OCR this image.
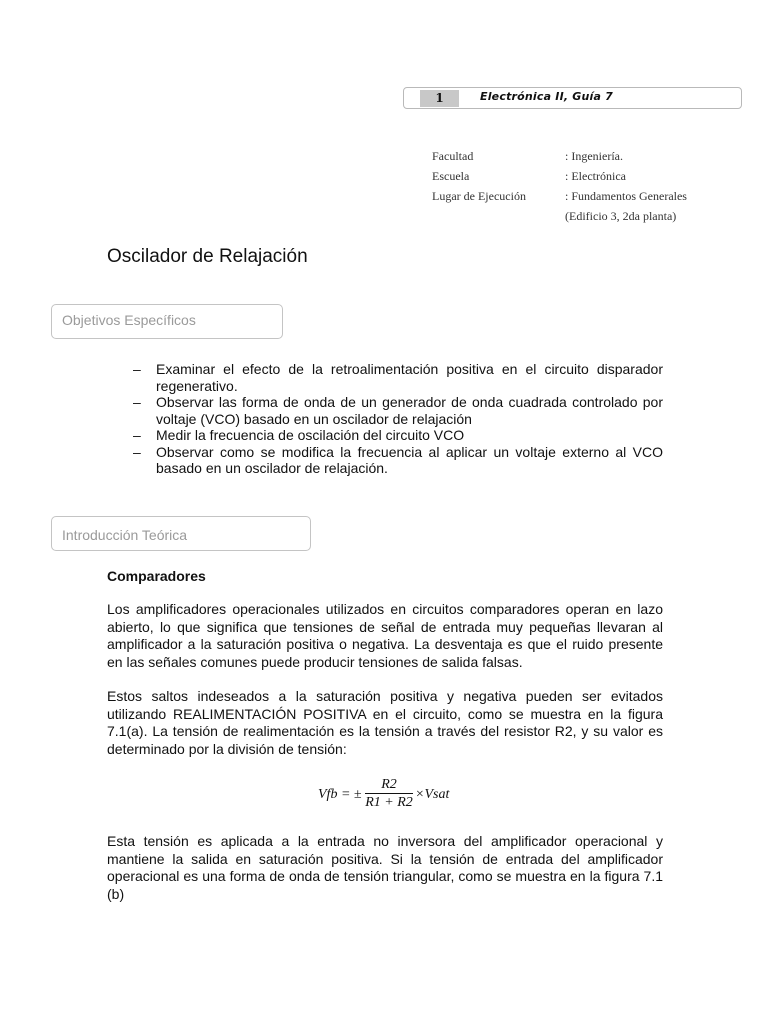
1	Electrónica II, Guía 7
Facultad	: Ingeniería.
Escuela	: Electrónica
Lugar de Ejecución	: Fundamentos Generales
(Edificio 3, 2da planta)
Oscilador de Relajación
Objetivos Específicos
– Examinar el efecto de la retroalimentación positiva en el circuito disparador regenerativo.
– Observar las forma de onda de un generador de onda cuadrada controlado por voltaje (VCO) basado en un oscilador de relajación
– Medir la frecuencia de oscilación del circuito VCO
– Observar como se modifica la frecuencia al aplicar un voltaje externo al VCO basado en un oscilador de relajación.
Introducción Teórica
Comparadores
Los amplificadores operacionales utilizados en circuitos comparadores operan en lazo abierto, lo que significa que tensiones de señal de entrada muy pequeñas llevaran al amplificador a la saturación positiva o negativa. La desventaja es que el ruido presente en las señales comunes puede producir tensiones de salida falsas.
Estos saltos indeseados a la saturación positiva y negativa pueden ser evitados utilizando REALIMENTACIÓN POSITIVA en el circuito, como se muestra en la figura 7.1(a). La tensión de realimentación es la tensión a través del resistor R2, y su valor es determinado por la división de tensión:
Vfb = ±
R2
R1 + R2
×Vsat
Esta tensión es aplicada a la entrada no inversora del amplificador operacional y mantiene la salida en saturación positiva. Si la tensión de entrada del amplificador operacional es una forma de onda de tensión triangular, como se muestra en la figura 7.1 (b)
